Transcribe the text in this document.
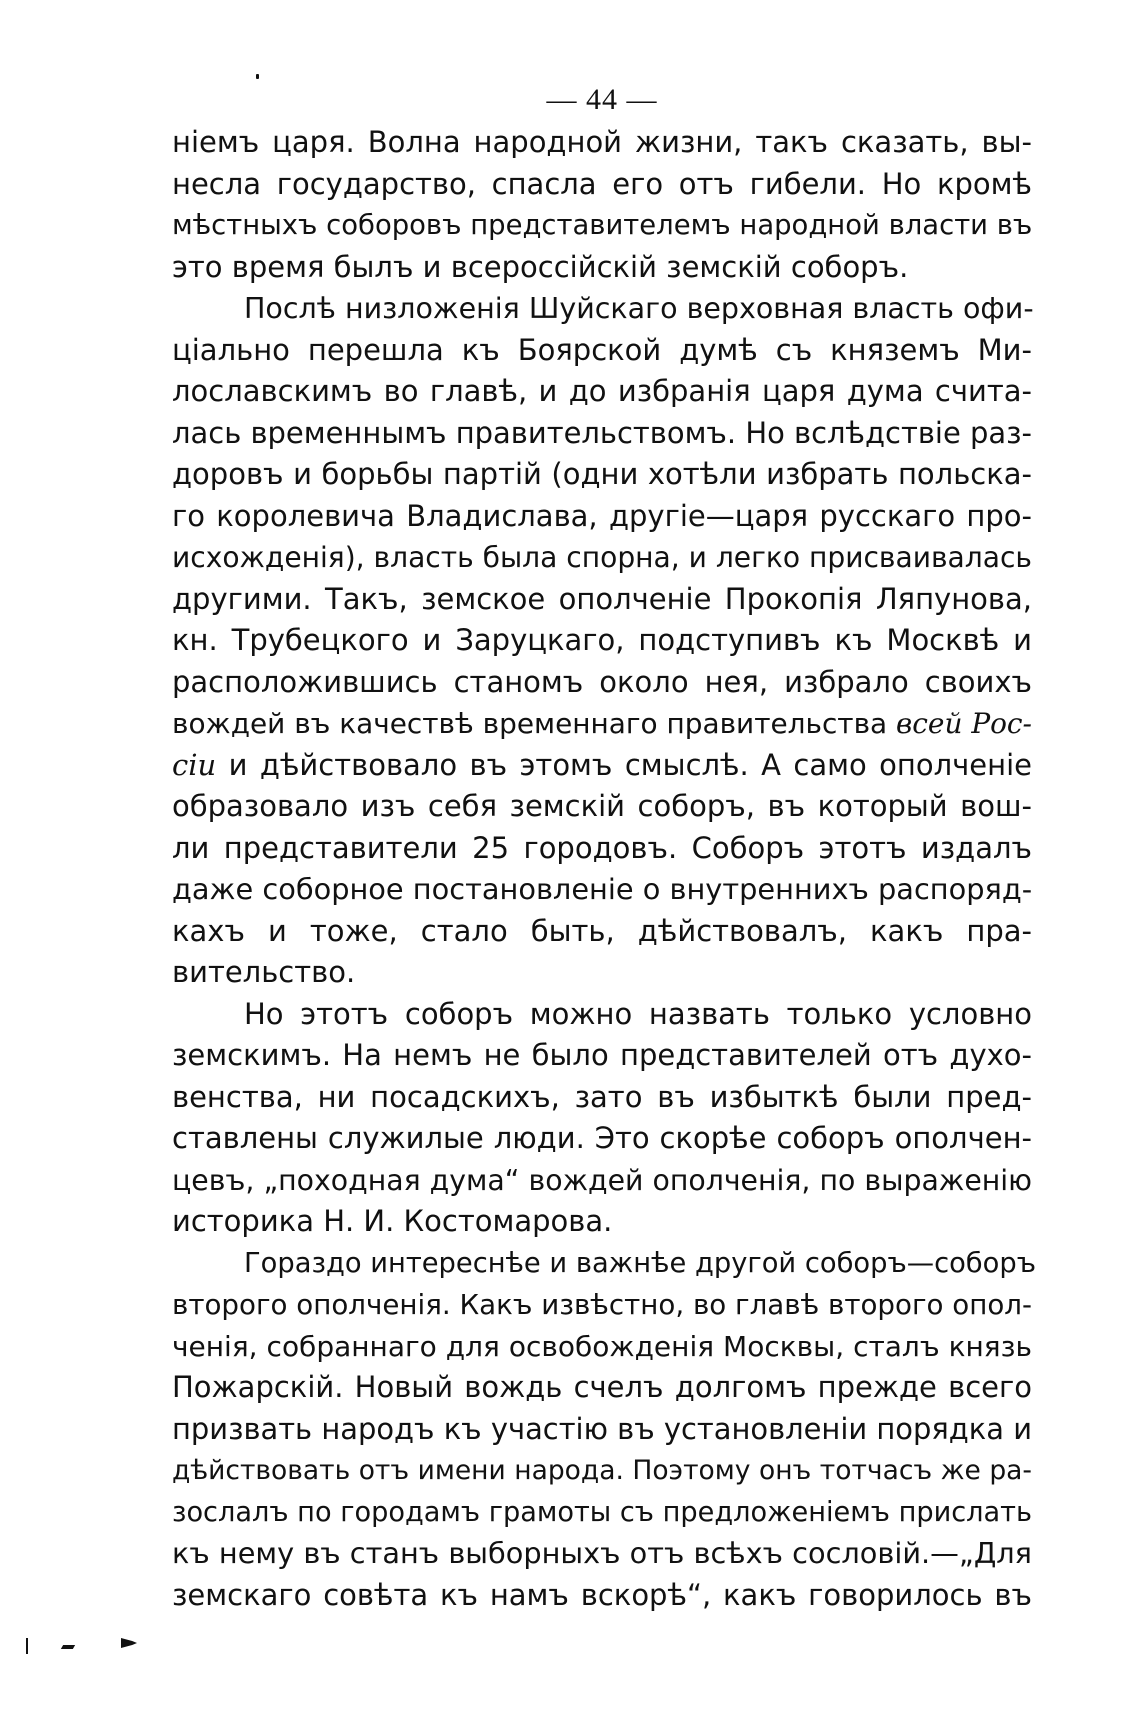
— 44 —

ніемъ царя. Волна народной жизни, такъ сказать, вы-
несла государство, спасла его отъ гибели. Но кромѣ
мѣстныхъ соборовъ представителемъ народной власти въ
это время былъ и всероссійскій земскій соборъ.

Послѣ низложенія Шуйскаго верховная власть офи-
ціально перешла къ Боярской думѣ съ княземъ Ми-
лославскимъ во главѣ, и до избранія царя дума счита-
лась временнымъ правительствомъ. Но вслѣдствіе раз-
доровъ и борьбы партій (одни хотѣли избрать польска-
го королевича Владислава, другіе—царя русскаго про-
исхожденія), власть была спорна, и легко присваивалась
другими. Такъ, земское ополченіе Прокопія Ляпунова,
кн. Трубецкого и Заруцкаго, подступивъ къ Москвѣ и
расположившись станомъ около нея, избрало своихъ
вождей въ качествѣ временнаго правительства всей Рос-
сіи и дѣйствовало въ этомъ смыслѣ. А само ополченіе
образовало изъ себя земскій соборъ, въ который вош-
ли представители 25 городовъ. Соборъ этотъ издалъ
даже соборное постановленіе о внутреннихъ распоряд-
кахъ и тоже, стало быть, дѣйствовалъ, какъ пра-
вительство.

Но этотъ соборъ можно назвать только условно
земскимъ. На немъ не было представителей отъ духо-
венства, ни посадскихъ, зато въ избыткѣ были пред-
ставлены служилые люди. Это скорѣе соборъ ополчен-
цевъ, „походная дума“ вождей ополченія, по выраженію
историка Н. И. Костомарова.

Гораздо интереснѣе и важнѣе другой соборъ—соборъ
второго ополченія. Какъ извѣстно, во главѣ второго опол-
ченія, собраннаго для освобожденія Москвы, сталъ князь
Пожарскій. Новый вождь счелъ долгомъ прежде всего
призвать народъ къ участію въ установленіи порядка и
дѣйствовать отъ имени народа. Поэтому онъ тотчасъ же ра-
зослалъ по городамъ грамоты съ предложеніемъ прислать
къ нему въ станъ выборныхъ отъ всѣхъ сословій.—„Для
земскаго совѣта къ намъ вскорѣ“, какъ говорилось въ
